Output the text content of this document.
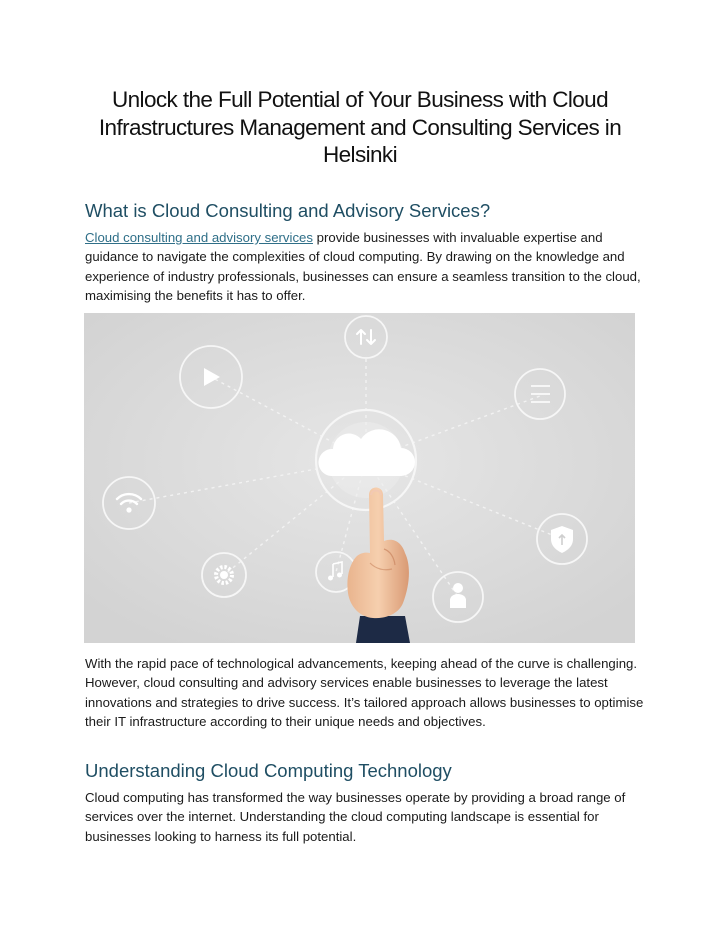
Unlock the Full Potential of Your Business with Cloud Infrastructures Management and Consulting Services in Helsinki
What is Cloud Consulting and Advisory Services?

Cloud consulting and advisory services provide businesses with invaluable expertise and guidance to navigate the complexities of cloud computing. By drawing on the knowledge and experience of industry professionals, businesses can ensure a seamless transition to the cloud, maximising the benefits it has to offer.

With the rapid pace of technological advancements, keeping ahead of the curve is challenging. However, cloud consulting and advisory services enable businesses to leverage the latest innovations and strategies to drive success. It’s tailored approach allows businesses to optimise their IT infrastructure according to their unique needs and objectives.

Understanding Cloud Computing Technology

Cloud computing has transformed the way businesses operate by providing a broad range of services over the internet. Understanding the cloud computing landscape is essential for businesses looking to harness its full potential.
